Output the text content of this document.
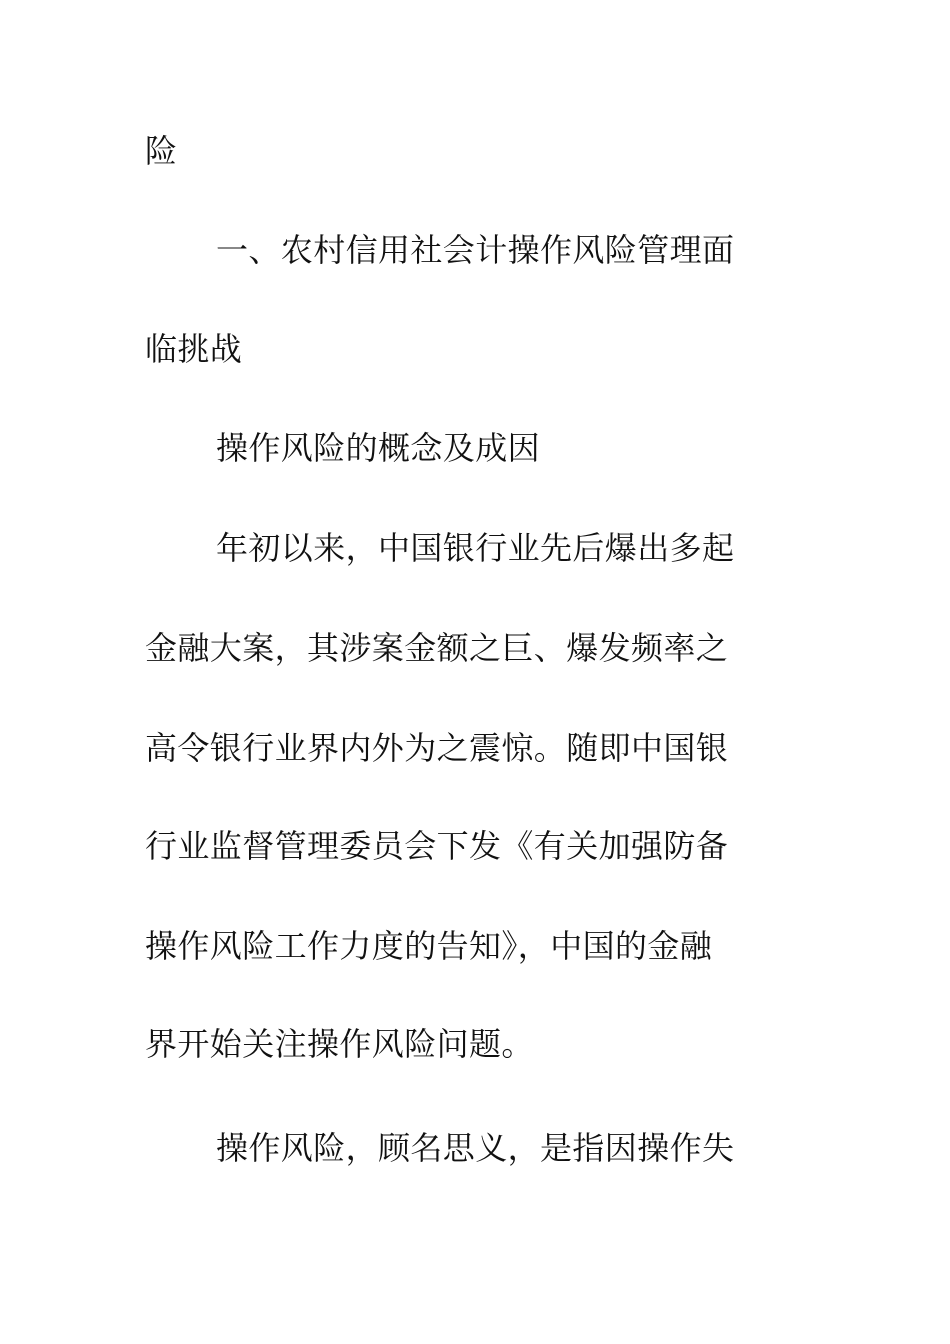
险
一、农村信用社会计操作风险管理面
临挑战
操作风险的概念及成因
年初以来，中国银行业先后爆出多起
金融大案，其涉案金额之巨、爆发频率之
高令银行业界内外为之震惊。随即中国银
行业监督管理委员会下发《有关加强防备
操作风险工作力度的告知》，中国的金融
界开始关注操作风险问题。
操作风险，顾名思义，是指因操作失
